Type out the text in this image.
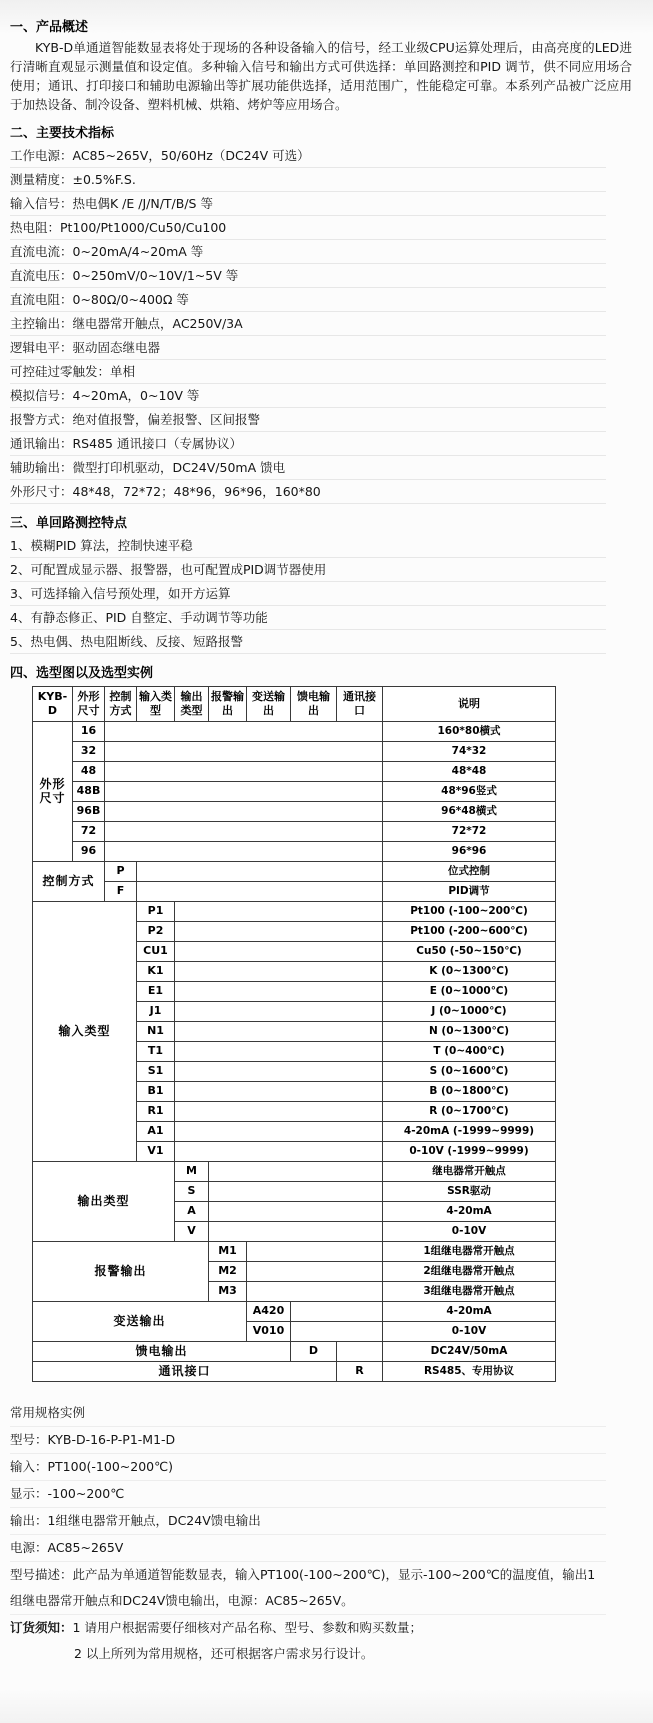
一、产品概述
KYB-D单通道智能数显表将处于现场的各种设备输入的信号，经工业级CPU运算处理后，由高亮度的LED进行清晰直观显示测量值和设定值。多种输入信号和输出方式可供选择：单回路测控和PID 调节，供不同应用场合使用；通讯、打印接口和辅助电源输出等扩展功能供选择，适用范围广，性能稳定可靠。本系列产品被广泛应用于加热设备、制冷设备、塑料机械、烘箱、烤炉等应用场合。
二、主要技术指标
工作电源：AC85~265V，50/60Hz（DC24V 可选）
测量精度：±0.5%F.S.
输入信号：热电偶K /E /J/N/T/B/S 等
热电阻：Pt100/Pt1000/Cu50/Cu100
直流电流：0~20mA/4~20mA 等
直流电压：0~250mV/0~10V/1~5V 等
直流电阻：0~80Ω/0~400Ω 等
主控输出：继电器常开触点，AC250V/3A
逻辑电平：驱动固态继电器
可控硅过零触发：单相
模拟信号：4~20mA，0~10V 等
报警方式：绝对值报警，偏差报警、区间报警
通讯输出：RS485 通讯接口（专属协议）
辅助输出：微型打印机驱动，DC24V/50mA 馈电
外形尺寸：48*48，72*72；48*96，96*96，160*80
三、单回路测控特点
1、模糊PID 算法，控制快速平稳
2、可配置成显示器、报警器，也可配置成PID调节器使用
3、可选择输入信号预处理，如开方运算
4、有静态修正、PID 自整定、手动调节等功能
5、热电偶、热电阻断线、反接、短路报警
四、选型图以及选型实例
KYB-D	外形尺寸	控制方式	输入类型	输出类型	报警输出	变送输出	馈电输出	通讯接口	说明
外形尺寸	16								160*80横式
	32								74*32
	48								48*48
	48B								48*96竖式
	96B								96*48横式
	72								72*72
	96								96*96
控制方式		P							位式控制
		F							PID调节
输入类型			P1						Pt100 (-100~200℃)
			P2						Pt100 (-200~600℃)
			CU1						Cu50 (-50~150℃)
			K1						K (0~1300℃)
			E1						E (0~1000℃)
			J1						J (0~1000℃)
			N1						N (0~1300℃)
			T1						T (0~400℃)
			S1						S (0~1600℃)
			B1						B (0~1800℃)
			R1						R (0~1700℃)
			A1						4-20mA (-1999~9999)
			V1						0-10V (-1999~9999)
输出类型				M					继电器常开触点
				S					SSR驱动
				A					4-20mA
				V					0-10V
报警输出					M1				1组继电器常开触点
					M2				2组继电器常开触点
					M3				3组继电器常开触点
变送输出						A420			4-20mA
						V010			0-10V
馈电输出							D		DC24V/50mA
通讯接口								R	RS485、专用协议
常用规格实例
型号：KYB-D-16-P-P1-M1-D
输入：PT100(-100~200℃)
显示：-100~200℃
输出：1组继电器常开触点，DC24V馈电输出
电源：AC85~265V
型号描述：此产品为单通道智能数显表，输入PT100(-100~200℃)，显示-100~200℃的温度值，输出1组继电器常开触点和DC24V馈电输出，电源：AC85~265V。
订货须知：1 请用户根据需要仔细核对产品名称、型号、参数和购买数量；
2 以上所列为常用规格，还可根据客户需求另行设计。
